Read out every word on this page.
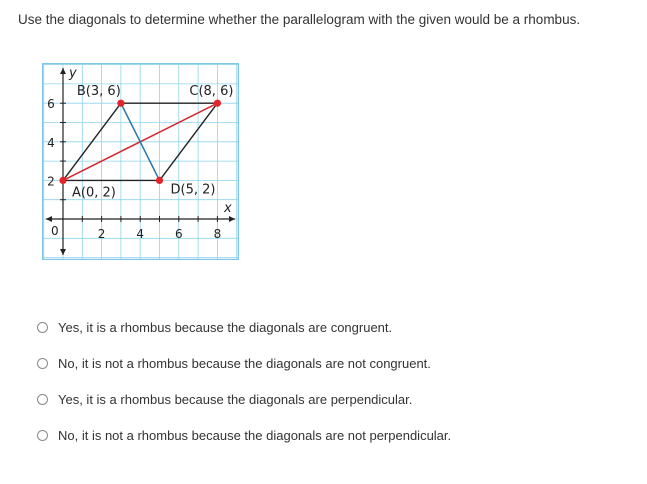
Use the diagonals to determine whether the parallelogram with the given would be a rhombus.
y
x
0	2	4	6	8
2
4
6
A(0, 2)
B(3, 6)	C(8, 6)
D(5, 2)
Yes, it is a rhombus because the diagonals are congruent.
No, it is not a rhombus because the diagonals are not congruent.
Yes, it is a rhombus because the diagonals are perpendicular.
No, it is not a rhombus because the diagonals are not perpendicular.
